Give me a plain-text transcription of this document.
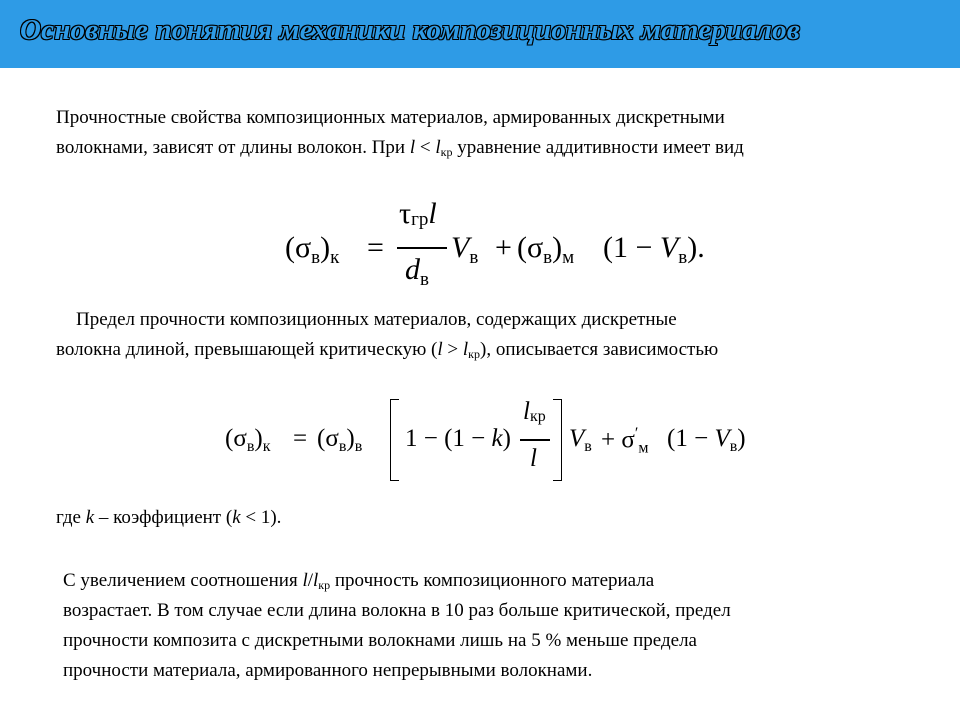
Основные понятия механики композиционных материалов
Прочностные свойства композиционных материалов, армированных дискретными
волокнами, зависят от длины волокон. При $l < l_{кр}$ уравнение аддитивности имеет вид
$(\sigma_в)_к$ =
$\tau_{гр}l$
$d_в$
$V_в + (\sigma_в)_м$ $(1 - V_в)$.
Предел прочности композиционных материалов, содержащих дискретные
волокна длиной, превышающей критическую $(l > l_{кр})$, описывается зависимостью
$(\sigma_в)_к = (\sigma_в)_в$ 1 − (1 − k)
$l_{кр}$
l
$V_в + \sigma'_м$ $(1 - V_в)$
где k – коэффициент (k < 1).
С увеличением соотношения $l/l_{кр}$ прочность композиционного материала
возрастает. В том случае если длина волокна в 10 раз больше критической, предел
прочности композита с дискретными волокнами лишь на 5 % меньше предела
прочности материала, армированного непрерывными волокнами.
